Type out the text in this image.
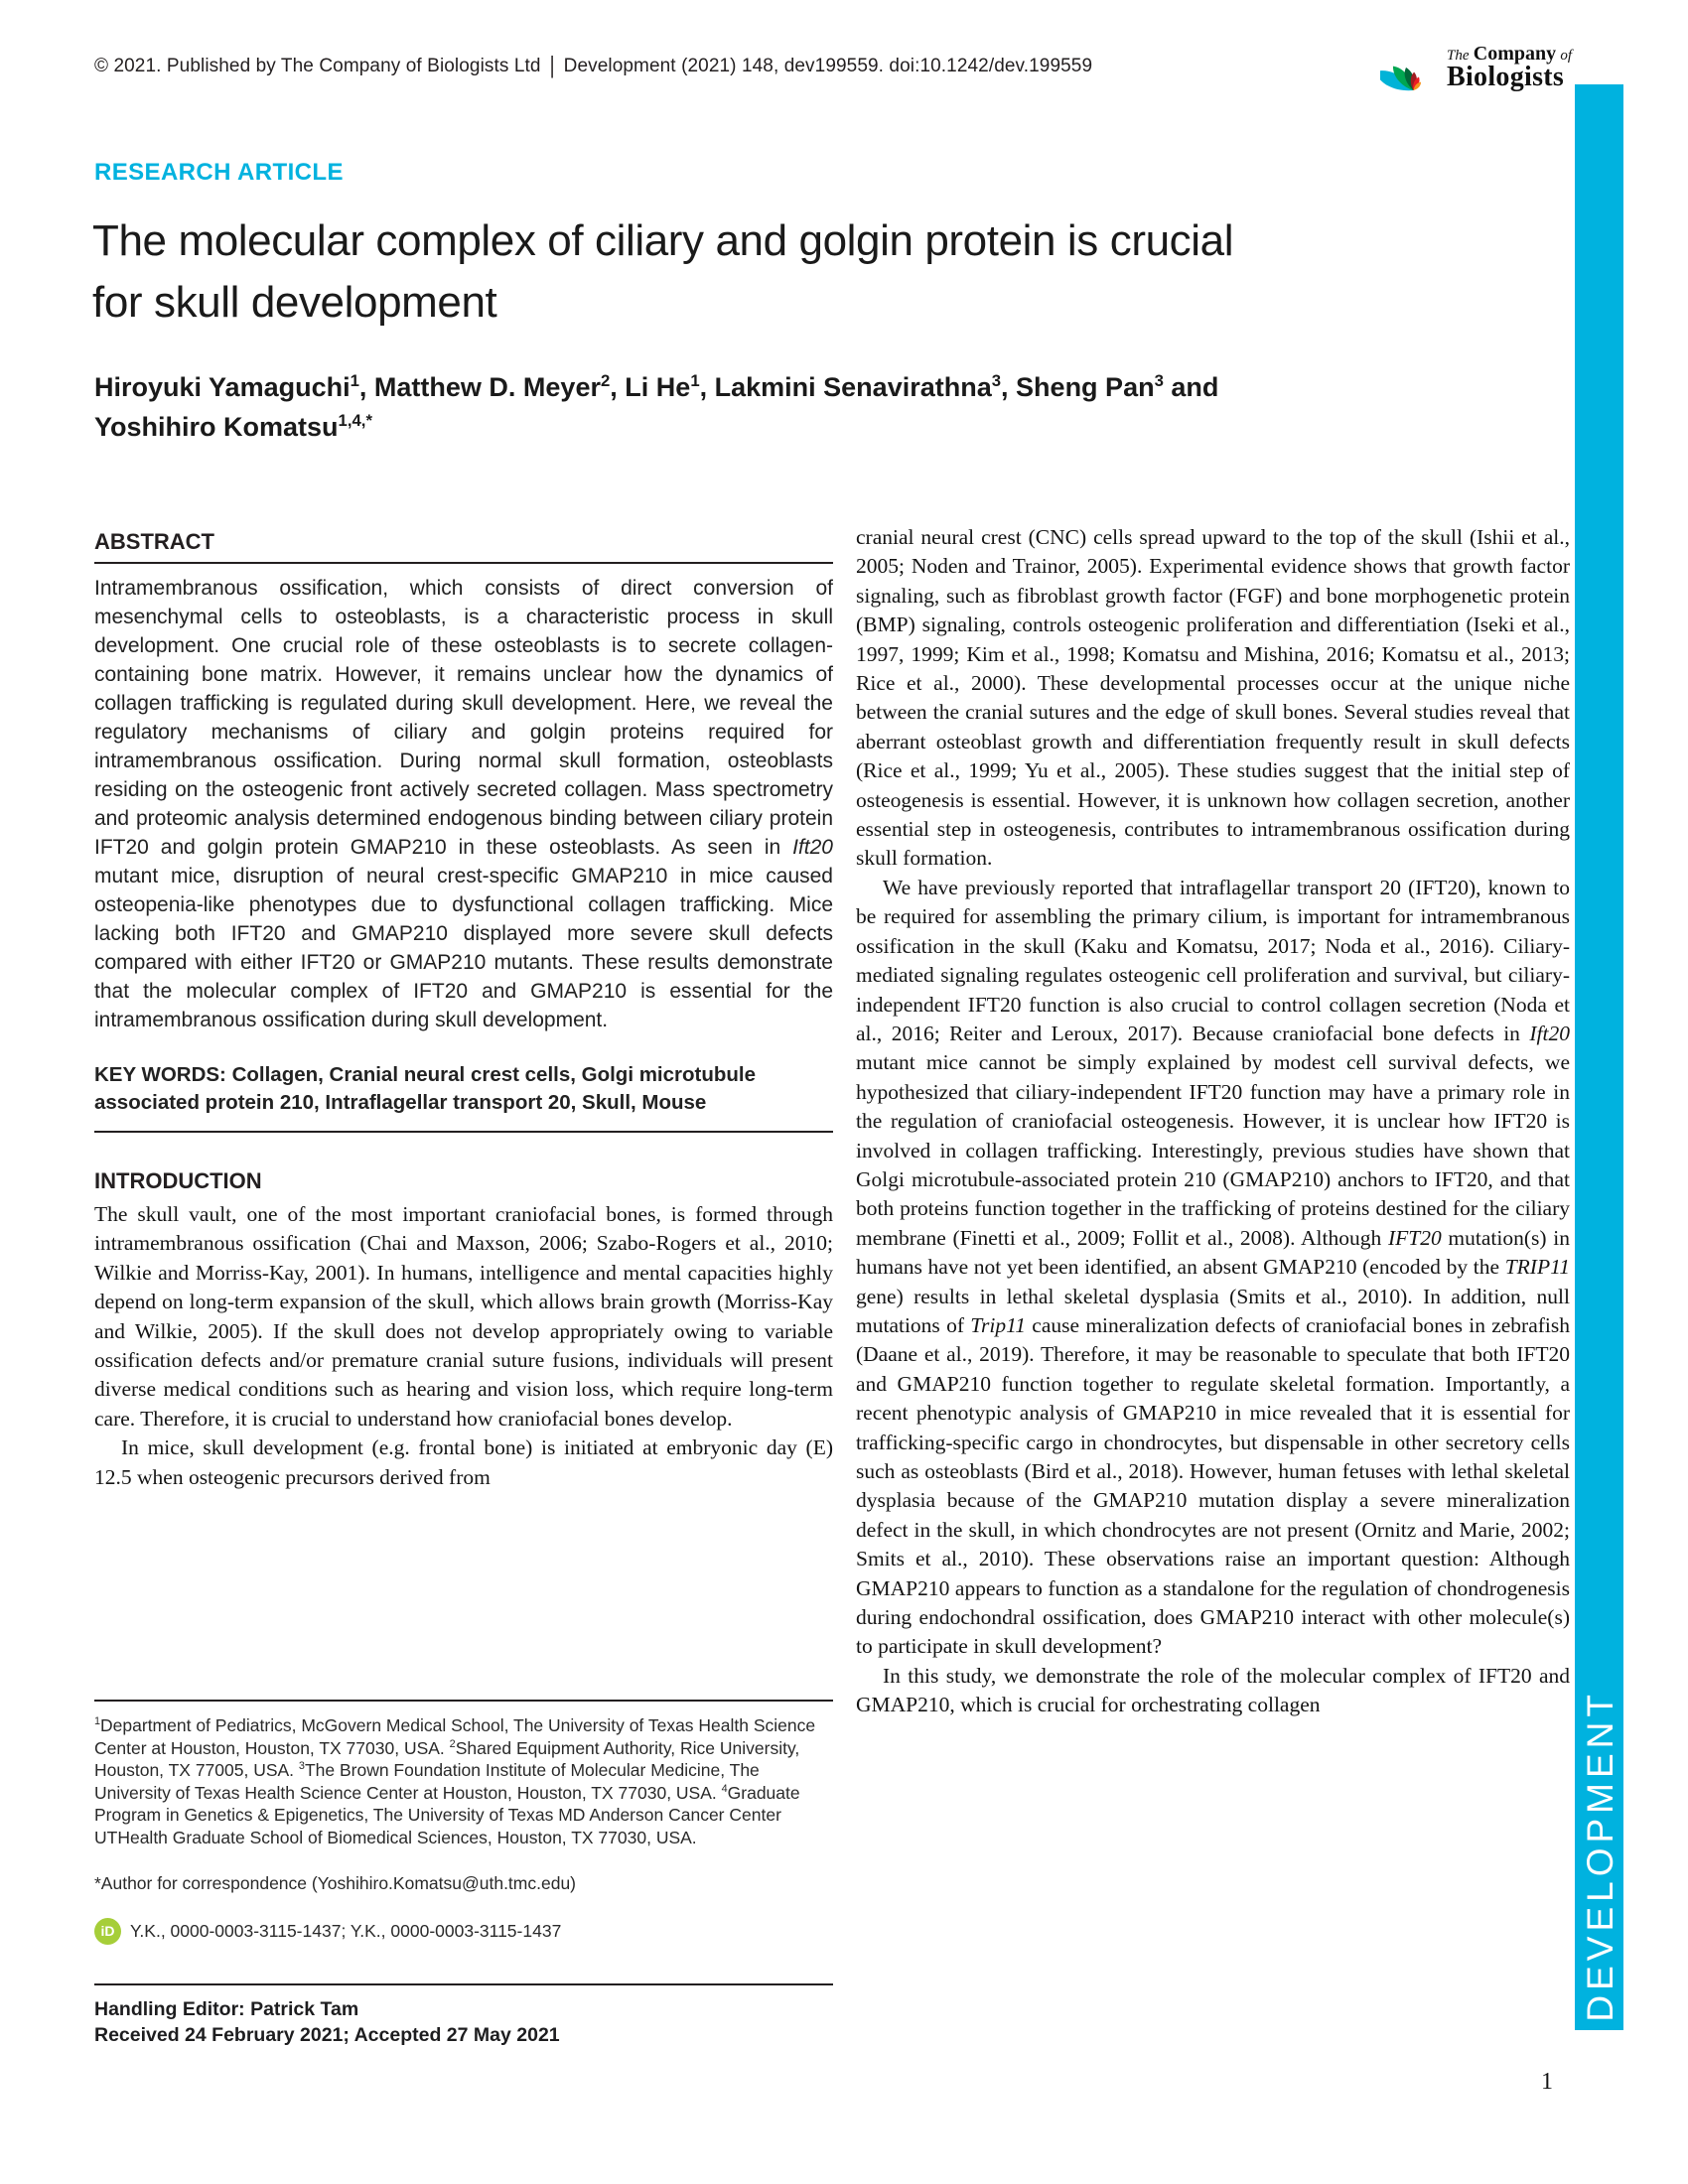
© 2021. Published by The Company of Biologists Ltd | Development (2021) 148, dev199559. doi:10.1242/dev.199559
The Company of
Biologists
RESEARCH ARTICLE
The molecular complex of ciliary and golgin protein is crucial
for skull development
Hiroyuki Yamaguchi$^1$, Matthew D. Meyer$^2$, Li He$^1$, Lakmini Senavirathna$^3$, Sheng Pan$^3$ and
Yoshihiro Komatsu$^{1,4,*}$
ABSTRACT
Intramembranous ossification, which consists of direct conversion of mesenchymal cells to osteoblasts, is a characteristic process in skull development. One crucial role of these osteoblasts is to secrete collagen-containing bone matrix. However, it remains unclear how the dynamics of collagen trafficking is regulated during skull development. Here, we reveal the regulatory mechanisms of ciliary and golgin proteins required for intramembranous ossification. During normal skull formation, osteoblasts residing on the osteogenic front actively secreted collagen. Mass spectrometry and proteomic analysis determined endogenous binding between ciliary protein IFT20 and golgin protein GMAP210 in these osteoblasts. As seen in Ift20 mutant mice, disruption of neural crest-specific GMAP210 in mice caused osteopenia-like phenotypes due to dysfunctional collagen trafficking. Mice lacking both IFT20 and GMAP210 displayed more severe skull defects compared with either IFT20 or GMAP210 mutants. These results demonstrate that the molecular complex of IFT20 and GMAP210 is essential for the intramembranous ossification during skull development.
KEY WORDS: Collagen, Cranial neural crest cells, Golgi microtubule associated protein 210, Intraflagellar transport 20, Skull, Mouse
INTRODUCTION

The skull vault, one of the most important craniofacial bones, is formed through intramembranous ossification (Chai and Maxson, 2006; Szabo-Rogers et al., 2010; Wilkie and Morriss-Kay, 2001). In humans, intelligence and mental capacities highly depend on long-term expansion of the skull, which allows brain growth (Morriss-Kay and Wilkie, 2005). If the skull does not develop appropriately owing to variable ossification defects and/or premature cranial suture fusions, individuals will present diverse medical conditions such as hearing and vision loss, which require long-term care. Therefore, it is crucial to understand how craniofacial bones develop.

In mice, skull development (e.g. frontal bone) is initiated at embryonic day (E) 12.5 when osteogenic precursors derived from

cranial neural crest (CNC) cells spread upward to the top of the skull (Ishii et al., 2005; Noden and Trainor, 2005). Experimental evidence shows that growth factor signaling, such as fibroblast growth factor (FGF) and bone morphogenetic protein (BMP) signaling, controls osteogenic proliferation and differentiation (Iseki et al., 1997, 1999; Kim et al., 1998; Komatsu and Mishina, 2016; Komatsu et al., 2013; Rice et al., 2000). These developmental processes occur at the unique niche between the cranial sutures and the edge of skull bones. Several studies reveal that aberrant osteoblast growth and differentiation frequently result in skull defects (Rice et al., 1999; Yu et al., 2005). These studies suggest that the initial step of osteogenesis is essential. However, it is unknown how collagen secretion, another essential step in osteogenesis, contributes to intramembranous ossification during skull formation.

We have previously reported that intraflagellar transport 20 (IFT20), known to be required for assembling the primary cilium, is important for intramembranous ossification in the skull (Kaku and Komatsu, 2017; Noda et al., 2016). Ciliary-mediated signaling regulates osteogenic cell proliferation and survival, but ciliary-independent IFT20 function is also crucial to control collagen secretion (Noda et al., 2016; Reiter and Leroux, 2017). Because craniofacial bone defects in Ift20 mutant mice cannot be simply explained by modest cell survival defects, we hypothesized that ciliary-independent IFT20 function may have a primary role in the regulation of craniofacial osteogenesis. However, it is unclear how IFT20 is involved in collagen trafficking. Interestingly, previous studies have shown that Golgi microtubule-associated protein 210 (GMAP210) anchors to IFT20, and that both proteins function together in the trafficking of proteins destined for the ciliary membrane (Finetti et al., 2009; Follit et al., 2008). Although IFT20 mutation(s) in humans have not yet been identified, an absent GMAP210 (encoded by the TRIP11 gene) results in lethal skeletal dysplasia (Smits et al., 2010). In addition, null mutations of Trip11 cause mineralization defects of craniofacial bones in zebrafish (Daane et al., 2019). Therefore, it may be reasonable to speculate that both IFT20 and GMAP210 function together to regulate skeletal formation. Importantly, a recent phenotypic analysis of GMAP210 in mice revealed that it is essential for trafficking-specific cargo in chondrocytes, but dispensable in other secretory cells such as osteoblasts (Bird et al., 2018). However, human fetuses with lethal skeletal dysplasia because of the GMAP210 mutation display a severe mineralization defect in the skull, in which chondrocytes are not present (Ornitz and Marie, 2002; Smits et al., 2010). These observations raise an important question: Although GMAP210 appears to function as a standalone for the regulation of chondrogenesis during endochondral ossification, does GMAP210 interact with other molecule(s) to participate in skull development?

In this study, we demonstrate the role of the molecular complex of IFT20 and GMAP210, which is crucial for orchestrating collagen

$^1$Department of Pediatrics, McGovern Medical School, The University of Texas Health Science Center at Houston, Houston, TX 77030, USA. $^2$Shared Equipment Authority, Rice University, Houston, TX 77005, USA. $^3$The Brown Foundation Institute of Molecular Medicine, The University of Texas Health Science Center at Houston, Houston, TX 77030, USA. $^4$Graduate Program in Genetics & Epigenetics, The University of Texas MD Anderson Cancer Center UTHealth Graduate School of Biomedical Sciences, Houston, TX 77030, USA.
*Author for correspondence (Yoshihiro.Komatsu@uth.tmc.edu)
iD Y.K., 0000-0003-3115-1437; Y.K., 0000-0003-3115-1437
Handling Editor: Patrick Tam
Received 24 February 2021; Accepted 27 May 2021
DEVELOPMENT
1
